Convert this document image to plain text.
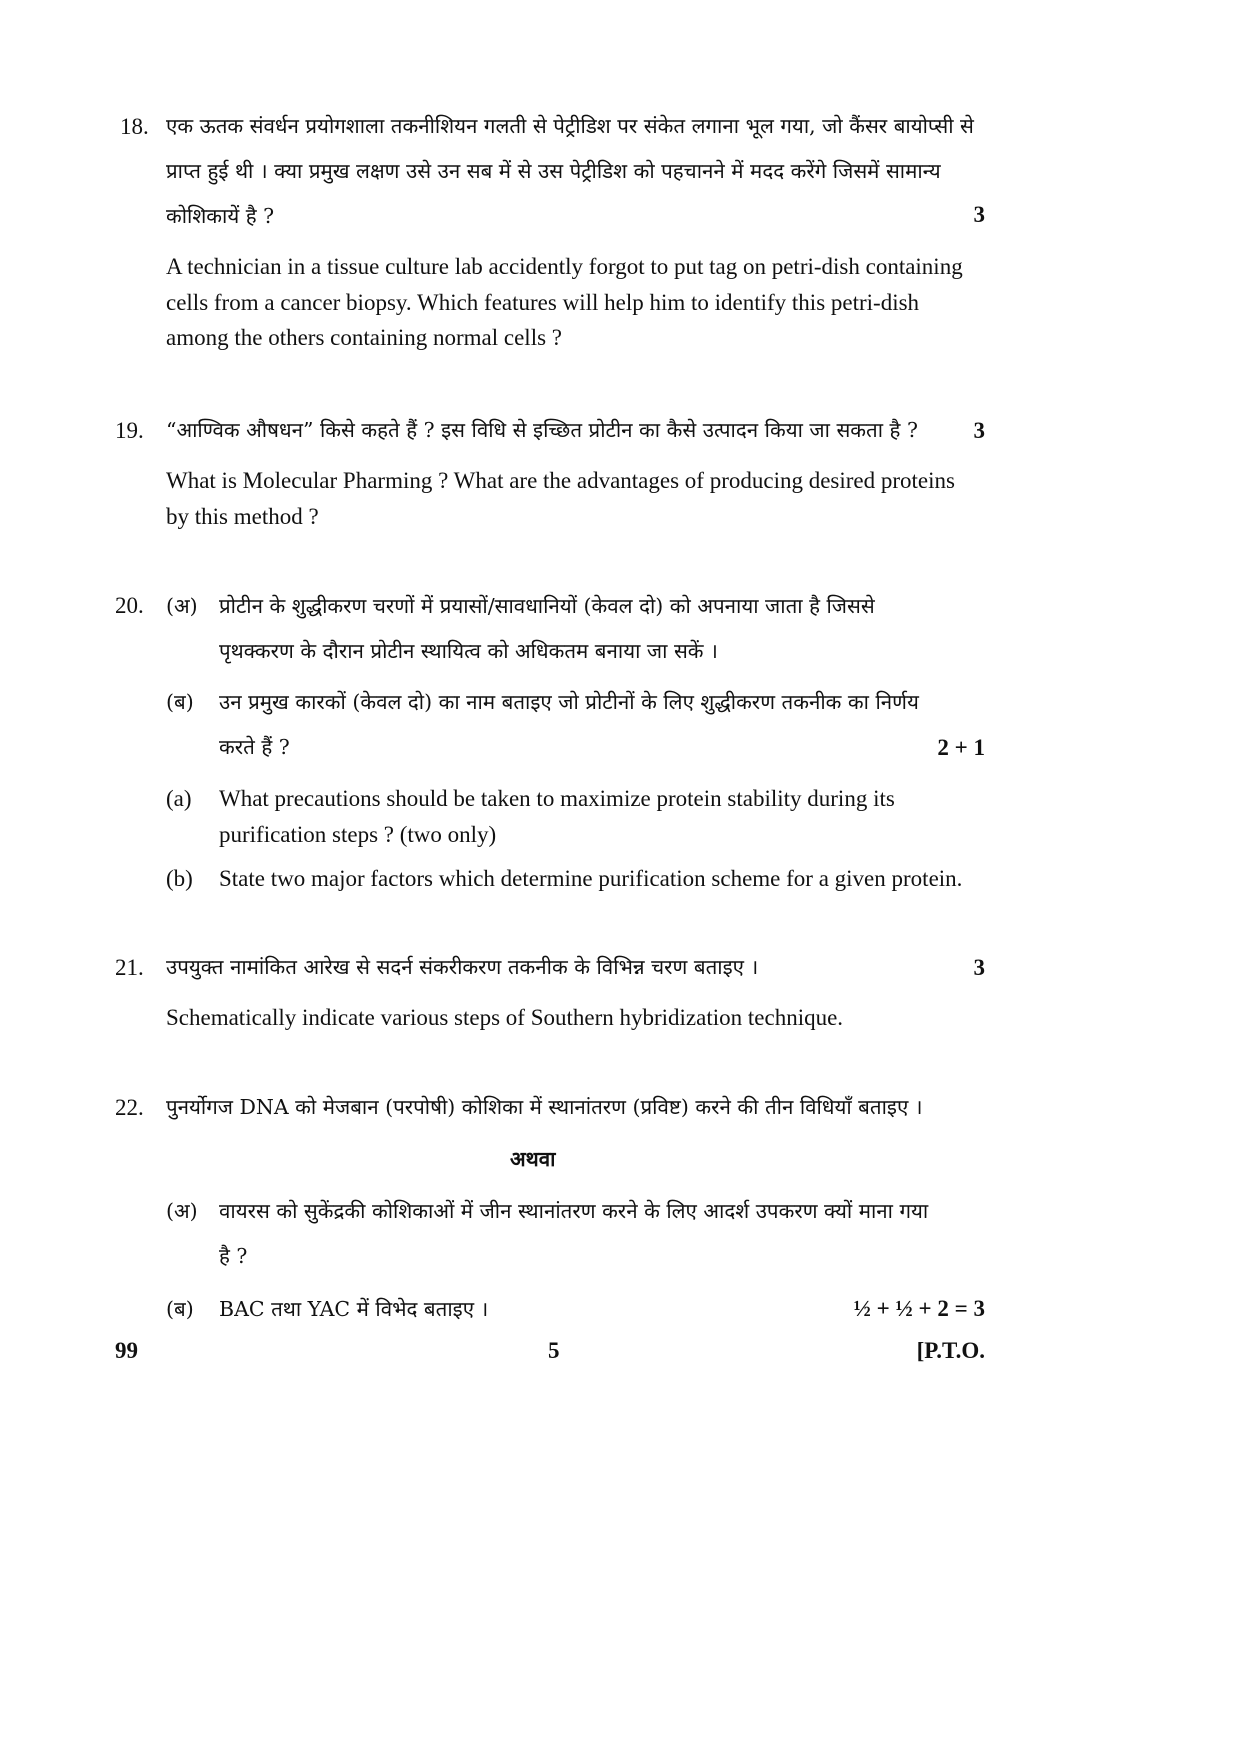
18. एक ऊतक संवर्धन प्रयोगशाला तकनीशियन गलती से पेट्रीडिश पर संकेत लगाना भूल गया, जो कैंसर बायोप्सी से
प्राप्त हुई थी । क्या प्रमुख लक्षण उसे उन सब में से उस पेट्रीडिश को पहचानने में मदद करेंगे जिसमें सामान्य
कोशिकायें है ?	3
A technician in a tissue culture lab accidently forgot to put tag on petri-dish containing
cells from a cancer biopsy. Which features will help him to identify this petri-dish
among the others containing normal cells ?
19. “आण्विक औषधन” किसे कहते हैं ? इस विधि से इच्छित प्रोटीन का कैसे उत्पादन किया जा सकता है ? 3
What is Molecular Pharming ? What are the advantages of producing desired proteins
by this method ?
20. (अ) प्रोटीन के शुद्धीकरण चरणों में प्रयासों/सावधानियों (केवल दो) को अपनाया जाता है जिससे
पृथक्करण के दौरान प्रोटीन स्थायित्व को अधिकतम बनाया जा सकें ।
(ब) उन प्रमुख कारकों (केवल दो) का नाम बताइए जो प्रोटीनों के लिए शुद्धीकरण तकनीक का निर्णय
करते हैं ?	2 + 1
(a) What precautions should be taken to maximize protein stability during its
purification steps ? (two only)
(b) State two major factors which determine purification scheme for a given protein.
21. उपयुक्त नामांकित आरेख से सदर्न संकरीकरण तकनीक के विभिन्न चरण बताइए ।	3
Schematically indicate various steps of Southern hybridization technique.
22. पुनर्योगज DNA को मेजबान (परपोषी) कोशिका में स्थानांतरण (प्रविष्ट) करने की तीन विधियाँ बताइए ।
अथवा
(अ) वायरस को सुकेंद्रकी कोशिकाओं में जीन स्थानांतरण करने के लिए आदर्श उपकरण क्यों माना गया
है ?
(ब) BAC तथा YAC में विभेद बताइए ।	½ + ½ + 2 = 3
99	5	[P.T.O.
